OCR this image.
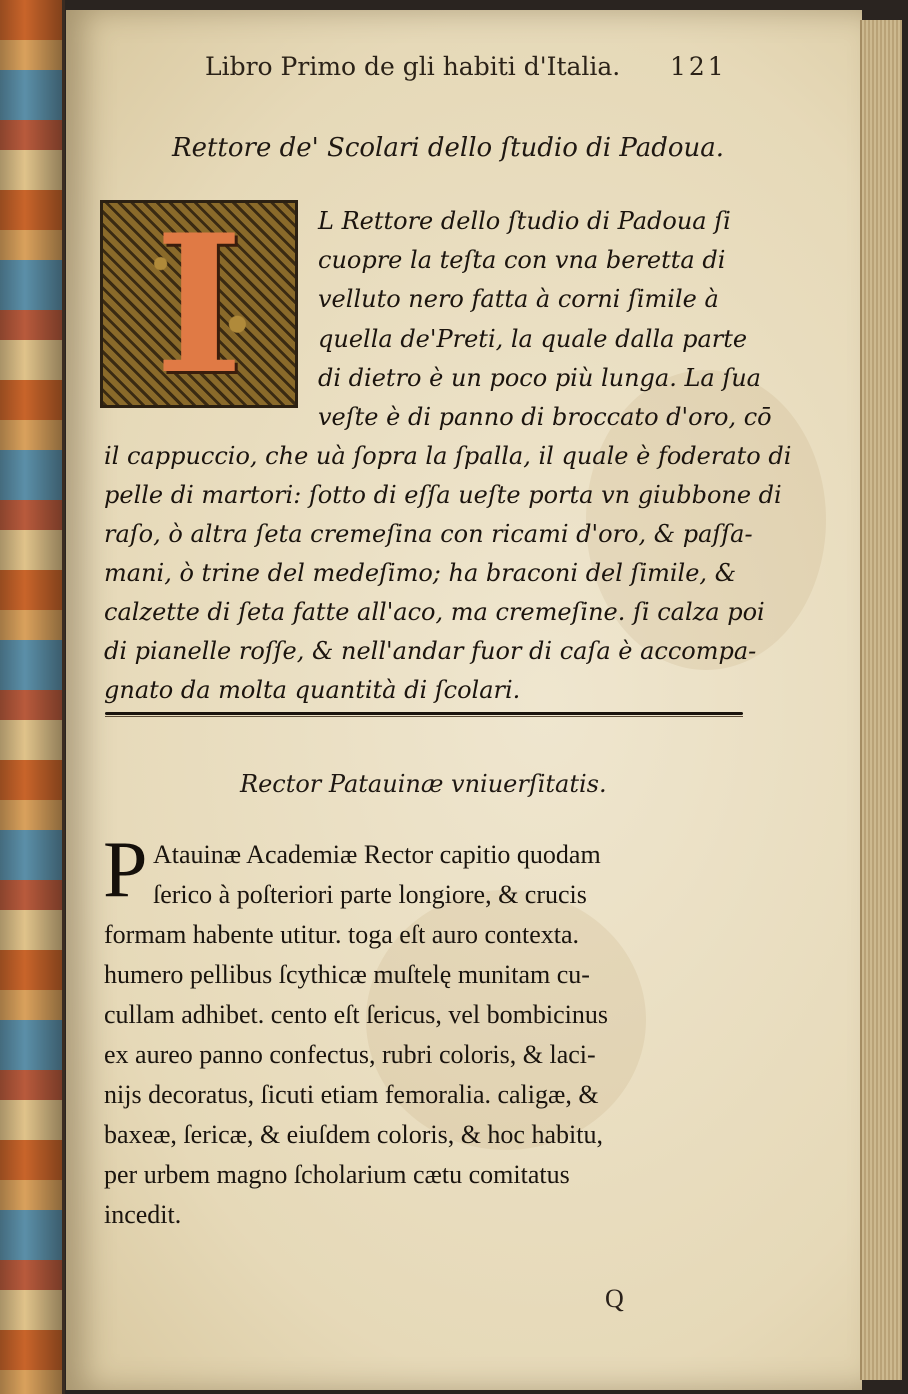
Libro Primo de gli habiti d'Italia. 121
Rettore de' Scolari dello ſtudio di Padoua.
I	L Rettore dello ſtudio di Padoua ſi
cuopre la teſta con vna beretta di
velluto nero fatta à corni ſimile à
quella de'Preti, la quale dalla parte
di dietro è un poco più lunga. La ſua
veſte è di panno di broccato d'oro, cō
il cappuccio, che uà ſopra la ſpalla, il quale è foderato di
pelle di martori: ſotto di eſſa ueſte porta vn giubbone di
raſo, ò altra ſeta cremeſina con ricami d'oro, & paſſa-
mani, ò trine del medeſimo; ha braconi del ſimile, &
calzette di ſeta fatte all'aco, ma cremeſine. ſi calza poi
di pianelle roſſe, & nell'andar fuor di caſa è accompa-
gnato da molta quantità di ſcolari.
Rector Patauinæ vniuerſitatis.
P Atauinæ Academiæ Rector capitio quodam
ſerico à poſteriori parte longiore, & crucis
formam habente utitur. toga eſt auro contexta.
humero pellibus ſcythicæ muſtelę munitam cu-
cullam adhibet. cento eſt ſericus, vel bombicinus
ex aureo panno confectus, rubri coloris, & laci-
nijs decoratus, ſicuti etiam femoralia. caligæ, &
baxeæ, ſericæ, & eiuſdem coloris, & hoc habitu,
per urbem magno ſcholarium cætu comitatus
incedit.
Q
